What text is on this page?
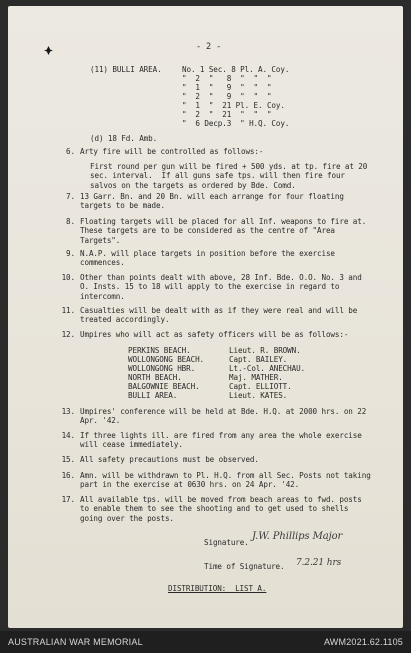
- 2 -
(11) BULLI AREA.	No. 1 Sec. 8 Pl. A. Coy.
"  2  "   8  "  "  "
"  1  "   9  "  "  "
"  2  "   9  "  "  "
"  1  "  21 Pl. E. Coy.
"  2  "  21  "  "  "
"  6 Decp.3  " H.Q. Coy.
(d) 18 Fd. Amb.
6. Arty fire will be controlled as follows:-
First round per gun will be fired + 500 yds. at tp. fire at 20 sec. interval.  If all guns safe tps. will then fire four salvos on the targets as ordered by Bde. Comd.
7. 13 Garr. Bn. and 20 Bn. will each arrange for four floating targets to be made.
8. Floating targets will be placed for all Inf. weapons to fire at.  These targets are to be considered as the centre of "Area Targets".
9. N.A.P. will place targets in position before the exercise commences.
10. Other than points dealt with above, 28 Inf. Bde. O.O. No. 3 and O. Insts. 15 to 18 will apply to the exercise in regard to intercomn.
11. Casualties will be dealt with as if they were real and will be treated accordingly.
12. Umpires who will act as safety officers will be as follows:-
PERKINS BEACH.	Lieut. R. BROWN.
WOLLONGONG BEACH.	Capt. BAILEY.
WOLLONGONG HBR.	Lt.-Col. ANECHAU.
NORTH BEACH.	Maj. MATHER.
BALGOWNIE BEACH.	Capt. ELLIOTT.
BULLI AREA.	Lieut. KATES.
13. Umpires' conference will be held at Bde. H.Q. at 2000 hrs. on 22 Apr. '42.
14. If three lights ill. are fired from any area the whole exercise will cease immediately.
15. All safety precautions must be observed.
16. Amn. will be withdrawn to Pl. H.Q. from all Sec. Posts not taking part in the exercise at 0630 hrs. on 24 Apr. '42.
17. All available tps. will be moved from beach areas to fwd. posts to enable them to see the shooting and to get used to shells going over the posts.
Signature.
J.W. Phillips Major
Time of Signature. 7.2.21 hrs
DISTRIBUTION:  LIST A.
AUSTRALIAN WAR MEMORIAL	AWM2021.62.1105
